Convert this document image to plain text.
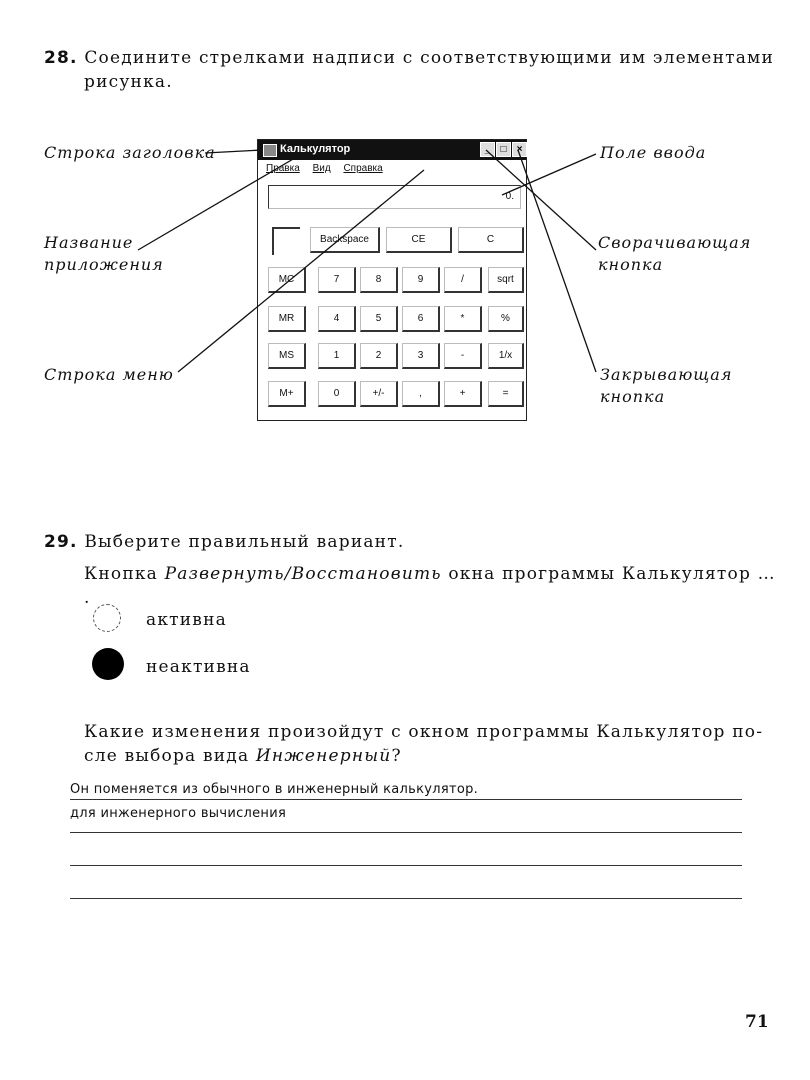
28. Соедините стрелками надписи с соответствующими им элементами
рисунка.
Строка заголовка
Название
приложения
Строка меню
Поле ввода
Сворачивающая
кнопка
Закрывающая
кнопка
Калькулятор	_	□	×
Правка Вид Справка
0.
Backspace	CE	C
MC	7	8	9	/	sqrt
MR	4	5	6	*	%
MS	1	2	3	-	1/x
M+	0	+/-	,	+	=
29. Выберите правильный вариант.
Кнопка Развернуть/Восстановить окна программы Калькулятор … .
активна
неактивна
Какие изменения произойдут с окном программы Калькулятор по-
сле выбора вида Инженерный?
Он поменяется из обычного в инженерный калькулятор.
для инженерного вычисления
71
